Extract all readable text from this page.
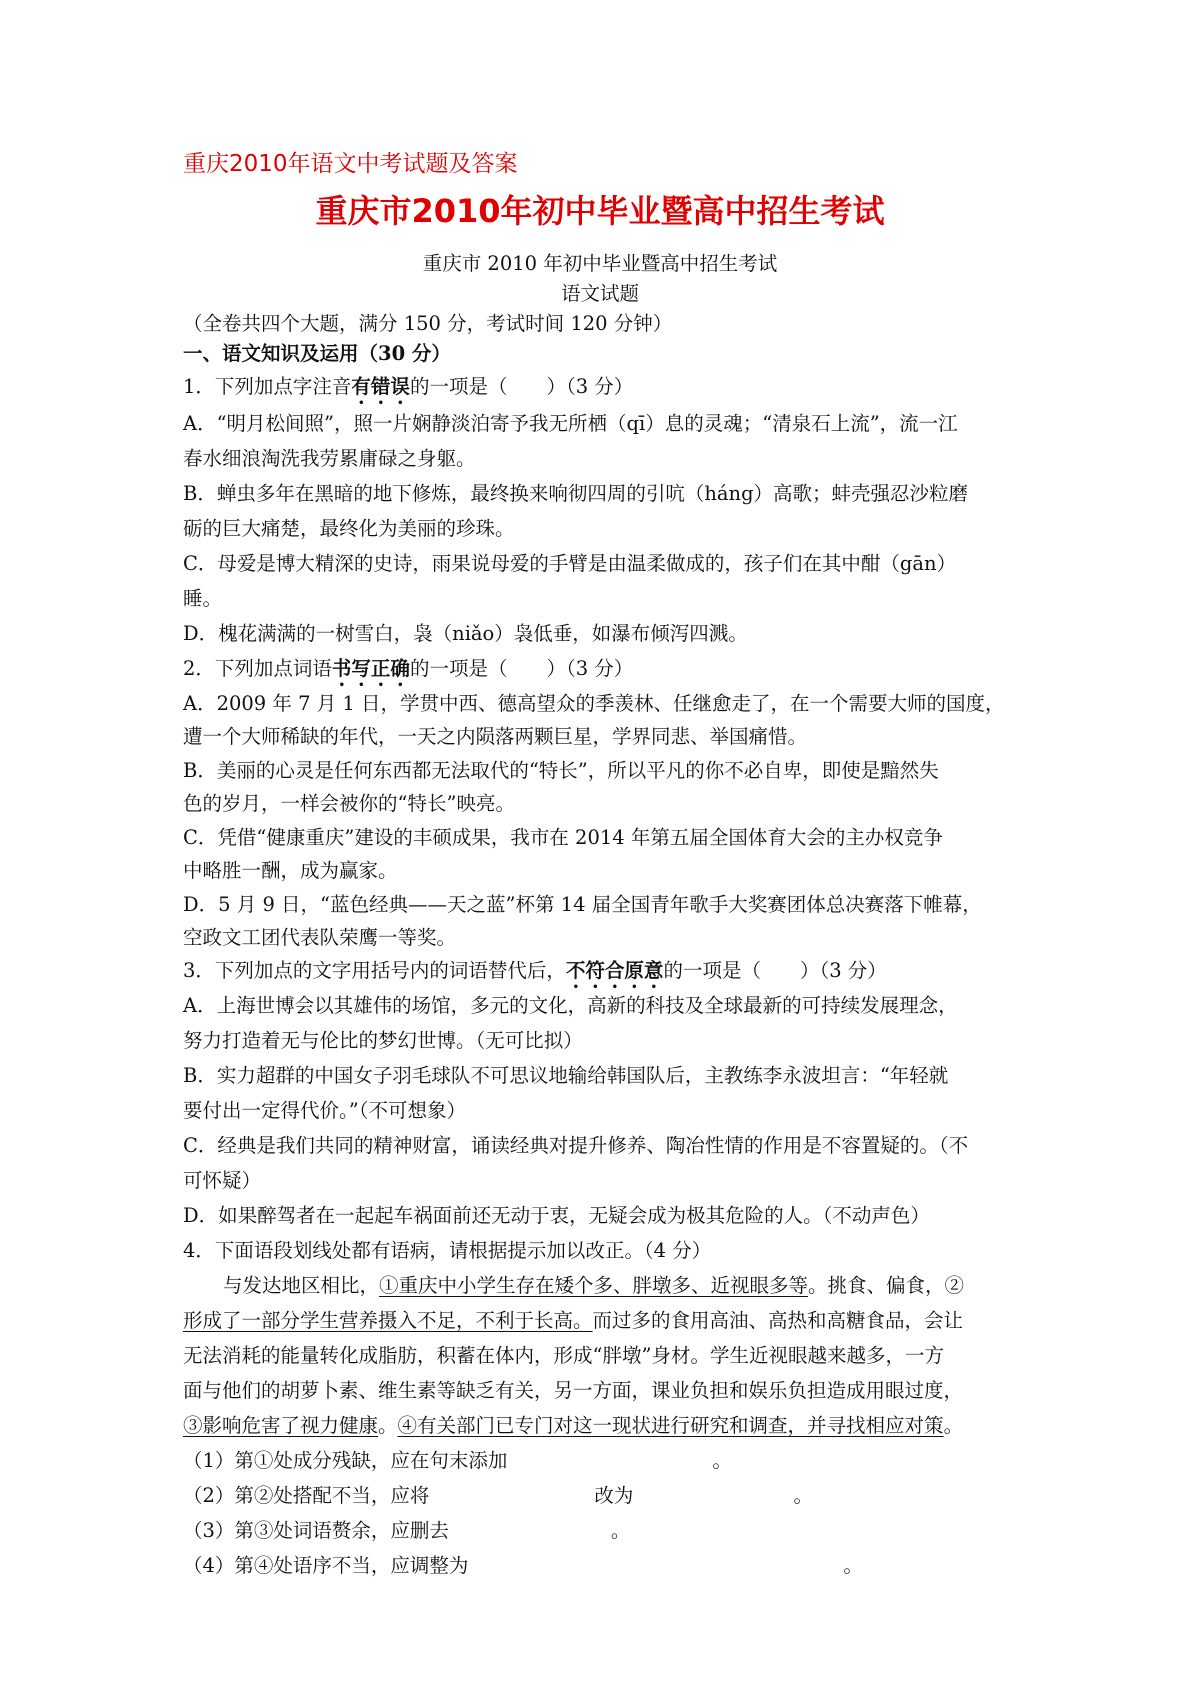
重庆2010年语文中考试题及答案
重庆市2010年初中毕业暨高中招生考试
重庆市 2010 年初中毕业暨高中招生考试
语文试题
（全卷共四个大题，满分 150 分，考试时间 120 分钟）
一、语文知识及运用（30 分）
1．下列加点字注音有错误的一项是（　　）（3 分）
A．“明月松间照”，照一片娴静淡泊寄予我无所栖（qī）息的灵魂；“清泉石上流”，流一江
春水细浪淘洗我劳累庸碌之身躯。
B．蝉虫多年在黑暗的地下修炼，最终换来响彻四周的引吭（háng）高歌；蚌壳强忍沙粒磨
砺的巨大痛楚，最终化为美丽的珍珠。
C．母爱是博大精深的史诗，雨果说母爱的手臂是由温柔做成的，孩子们在其中酣（gān）
睡。
D．槐花满满的一树雪白，袅（niǎo）袅低垂，如瀑布倾泻四溅。
2．下列加点词语书写正确的一项是（　　）（3 分）
A．2009 年 7 月 1 日，学贯中西、德高望众的季羡林、任继愈走了，在一个需要大师的国度，
遭一个大师稀缺的年代，一天之内陨落两颗巨星，学界同悲、举国痛惜。
B．美丽的心灵是任何东西都无法取代的“特长”，所以平凡的你不必自卑，即使是黯然失
色的岁月，一样会被你的“特长”映亮。
C．凭借“健康重庆”建设的丰硕成果，我市在 2014 年第五届全国体育大会的主办权竞争
中略胜一酬，成为赢家。
D．5 月 9 日，“蓝色经典——天之蓝”杯第 14 届全国青年歌手大奖赛团体总决赛落下帷幕，
空政文工团代表队荣鹰一等奖。
3．下列加点的文字用括号内的词语替代后，不符合原意的一项是（　　）（3 分）
A．上海世博会以其雄伟的场馆，多元的文化，高新的科技及全球最新的可持续发展理念，
努力打造着无与伦比的梦幻世博。（无可比拟）
B．实力超群的中国女子羽毛球队不可思议地输给韩国队后，主教练李永波坦言：“年轻就
要付出一定得代价。”（不可想象）
C．经典是我们共同的精神财富，诵读经典对提升修养、陶冶性情的作用是不容置疑的。（不
可怀疑）
D．如果醉驾者在一起起车祸面前还无动于衷，无疑会成为极其危险的人。（不动声色）
4．下面语段划线处都有语病，请根据提示加以改正。（4 分）
与发达地区相比，①重庆中小学生存在矮个多、胖墩多、近视眼多等。挑食、偏食，②
形成了一部分学生营养摄入不足，不利于长高。而过多的食用高油、高热和高糖食品，会让
无法消耗的能量转化成脂肪，积蓄在体内，形成“胖墩”身材。学生近视眼越来越多，一方
面与他们的胡萝卜素、维生素等缺乏有关，另一方面，课业负担和娱乐负担造成用眼过度，
③影响危害了视力健康。④有关部门已专门对这一现状进行研究和调查，并寻找相应对策。
（1）第①处成分残缺，应在句末添加	。
（2）第②处搭配不当，应将	改为	。
（3）第③处词语赘余，应删去	。
（4）第④处语序不当，应调整为	。
